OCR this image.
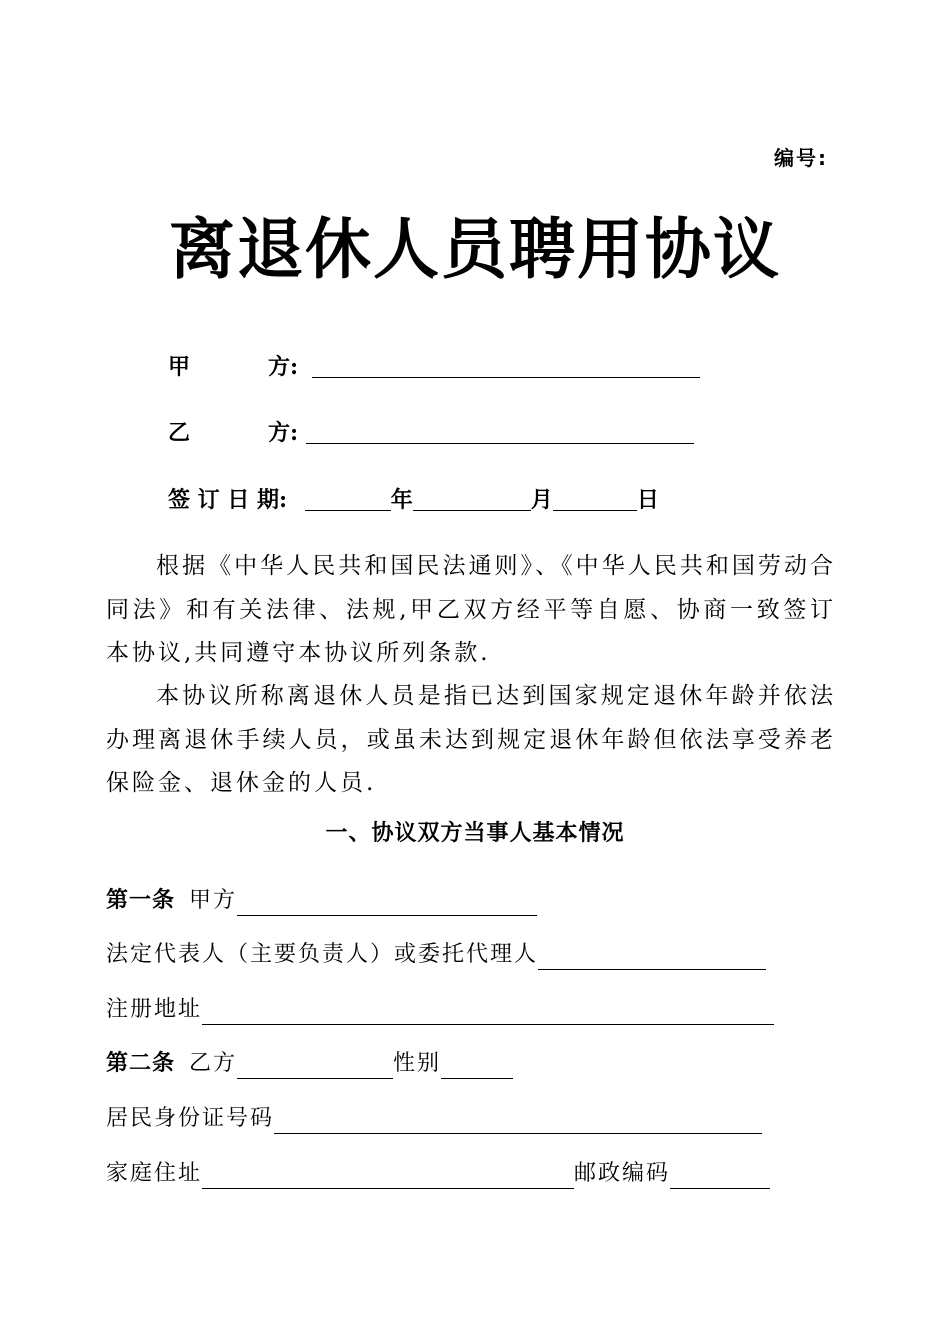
编号:
离退休人员聘用协议
甲	方:
乙	方:
签 订 日 期:	年	月	日
根据《中华人民共和国民法通则》、《中华人民共和国劳动合同法》和有关法律、法规,甲乙双方经平等自愿、协商一致签订本协议,共同遵守本协议所列条款.
本协议所称离退休人员是指已达到国家规定退休年龄并依法办理离退休手续人员，或虽未达到规定退休年龄但依法享受养老保险金、退休金的人员.
一、协议双方当事人基本情况
第一条 甲方
法定代表人（主要负责人）或委托代理人
注册地址
第二条 乙方	性别
居民身份证号码
家庭住址	邮政编码
